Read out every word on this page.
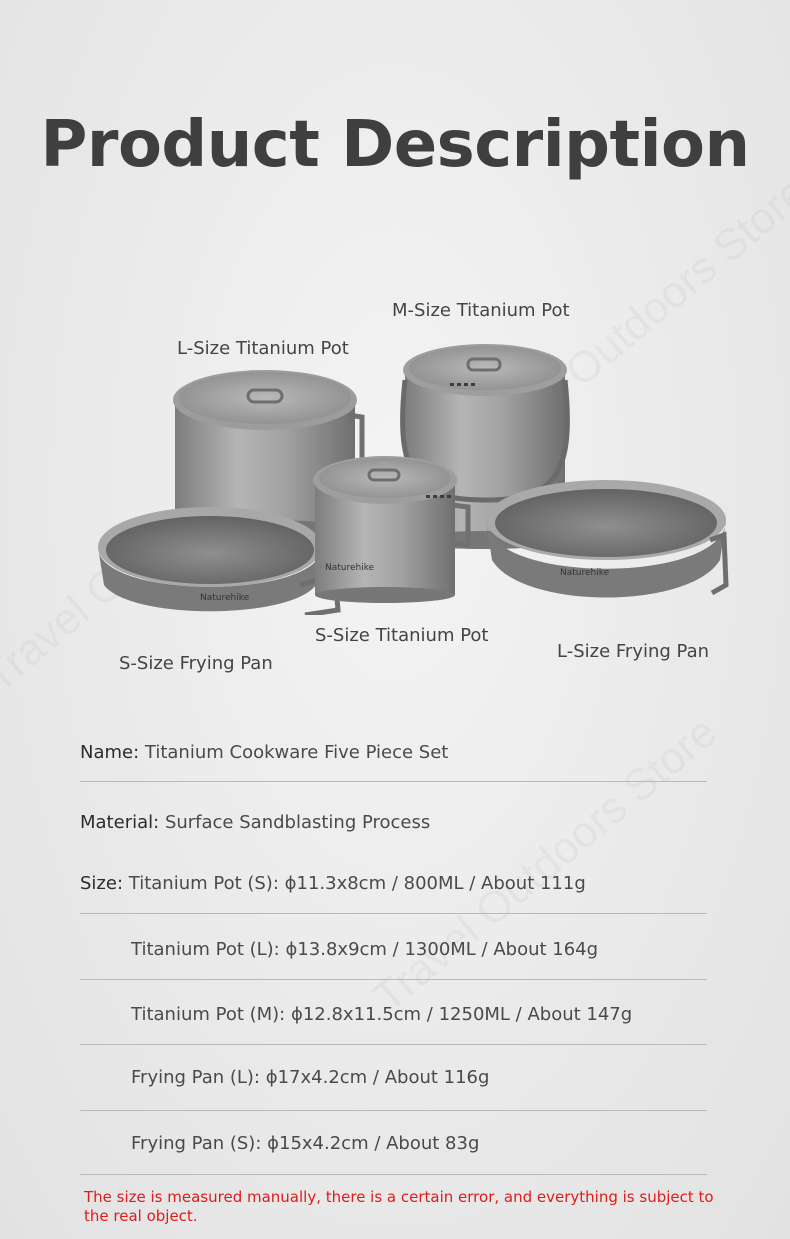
Product Description
L-Size Titanium Pot
M-Size Titanium Pot
S-Size Titanium Pot
S-Size Frying Pan
L-Size Frying Pan
Naturehike
Naturehike	Naturehike
Name: Titanium Cookware Five Piece Set
Material: Surface Sandblasting Process
Size: Titanium Pot (S): ϕ11.3x8cm / 800ML / About 111g
Titanium Pot (L): ϕ13.8x9cm / 1300ML / About 164g
Titanium Pot (M): ϕ12.8x11.5cm / 1250ML / About 147g
Frying Pan (L): ϕ17x4.2cm / About 116g
Frying Pan (S): ϕ15x4.2cm / About 83g
The size is measured manually, there is a certain error, and everything is subject to the real object.
